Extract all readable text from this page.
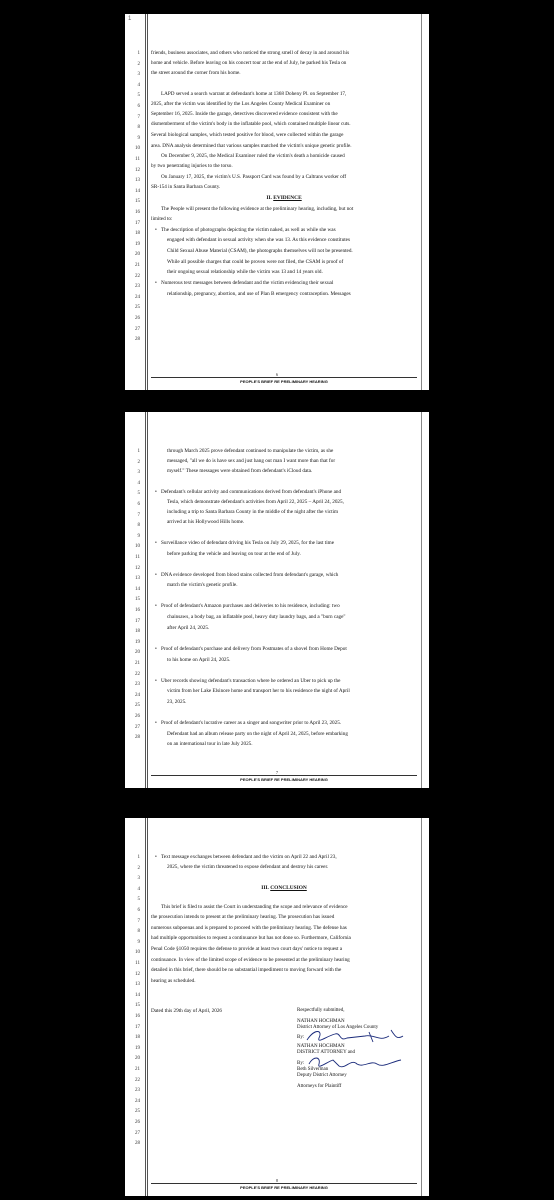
1
1
2
3
4
5
6
7
8
9
10
11
12
13
14
15
16
17
18
19
20
21
22
23
24
25
26
27
28
friends, business associates, and others who noticed the strong smell of decay in and around his
home and vehicle. Before leaving on his concert tour at the end of July, he parked his Tesla on
the street around the corner from his home.
LAPD served a search warrant at defendant's home at 1368 Doheny Pl. on September 17,
2025, after the victim was identified by the Los Angeles County Medical Examiner on
September 16, 2025. Inside the garage, detectives discovered evidence consistent with the
dismemberment of the victim's body in the inflatable pool, which contained multiple linear cuts.
Several biological samples, which tested positive for blood, were collected within the garage
area. DNA analysis determined that various samples matched the victim's unique genetic profile.
On December 9, 2025, the Medical Examiner ruled the victim's death a homicide caused
by two penetrating injuries to the torso.
On January 17, 2025, the victim's U.S. Passport Card was found by a Caltrans worker off
SR-154 in Santa Barbara County.
II. EVIDENCE
The People will present the following evidence at the preliminary hearing, including, but not
limited to:
• The description of photographs depicting the victim naked, as well as while she was
engaged with defendant in sexual activity when she was 13. As this evidence constitutes
Child Sexual Abuse Material (CSAM), the photographs themselves will not be presented.
While all possible charges that could be proven were not filed, the CSAM is proof of
their ongoing sexual relationship while the victim was 13 and 14 years old.
• Numerous text messages between defendant and the victim evidencing their sexual
relationship, pregnancy, abortion, and use of Plan B emergency contraception. Messages
6
PEOPLE'S BRIEF RE PRELIMINARY HEARING
1
2
3
4
5
6
7
8
9
10
11
12
13
14
15
16
17
18
19
20
21
22
23
24
25
26
27
28
through March 2025 prove defendant continued to manipulate the victim, as she
messaged, "all we do is have sex and just hang out man I want more than that for
myself." These messages were obtained from defendant's iCloud data.
• Defendant's cellular activity and communications derived from defendant's iPhone and
Tesla, which demonstrate defendant's activities from April 22, 2025 – April 24, 2025,
including a trip to Santa Barbara County in the middle of the night after the victim
arrived at his Hollywood Hills home.
• Surveillance video of defendant driving his Tesla on July 29, 2025, for the last time
before parking the vehicle and leaving on tour at the end of July.
• DNA evidence developed from blood stains collected from defendant's garage, which
match the victim's genetic profile.
• Proof of defendant's Amazon purchases and deliveries to his residence, including: two
chainsaws, a body bag, an inflatable pool, heavy duty laundry bags, and a "burn cage"
after April 24, 2025.
• Proof of defendant's purchase and delivery from Postmates of a shovel from Home Depot
to his home on April 24, 2025.
• Uber records showing defendant's transaction where he ordered an Uber to pick up the
victim from her Lake Elsinore home and transport her to his residence the night of April
23, 2025.
• Proof of defendant's lucrative career as a singer and songwriter prior to April 23, 2025.
Defendant had an album release party on the night of April 24, 2025, before embarking
on an international tour in late July 2025.
7
PEOPLE'S BRIEF RE PRELIMINARY HEARING
1
2
3
4
5
6
7
8
9
10
11
12
13
14
15
16
17
18
19
20
21
22
23
24
25
26
27
28
• Text message exchanges between defendant and the victim on April 22 and April 23,
2025, where the victim threatened to expose defendant and destroy his career.
III. CONCLUSION
This brief is filed to assist the Court in understanding the scope and relevance of evidence
the prosecution intends to present at the preliminary hearing. The prosecution has issued
numerous subpoenas and is prepared to proceed with the preliminary hearing. The defense has
had multiple opportunities to request a continuance but has not done so. Furthermore, California
Penal Code §1050 requires the defense to provide at least two court days' notice to request a
continuance. In view of the limited scope of evidence to be presented at the preliminary hearing
detailed in this brief, there should be no substantial impediment to moving forward with the
hearing as scheduled.
Dated this 29th day of April, 2026	Respectfully submitted,
NATHAN HOCHMAN
District Attorney of Los Angeles County
By:
NATHAN HOCHMAN
DISTRICT ATTORNEY and
By:
Beth Silverman
Deputy District Attorney
Attorneys for Plaintiff
8
PEOPLE'S BRIEF RE PRELIMINARY HEARING
